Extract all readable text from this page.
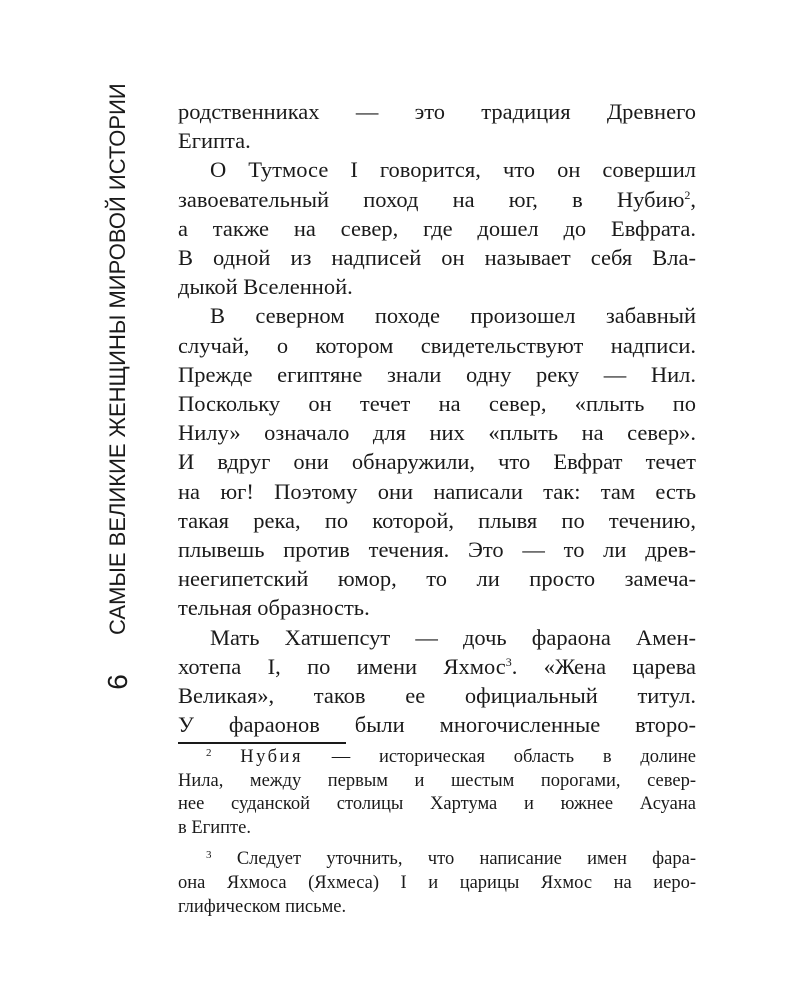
САМЫЕ ВЕЛИКИЕ ЖЕНЩИНЫ МИРОВОЙ ИСТОРИИ
6

родственниках — это традиция Древнего
Египта.

О Тутмосе I говорится, что он совершил
завоевательный поход на юг, в Нубию$^2$,
а также на север, где дошел до Евфрата.
В одной из надписей он называет себя Вла-
дыкой Вселенной.

В северном походе произошел забавный
случай, о котором свидетельствуют надписи.
Прежде египтяне знали одну реку — Нил.
Поскольку он течет на север, «плыть по
Нилу» означало для них «плыть на север».
И вдруг они обнаружили, что Евфрат течет
на юг! Поэтому они написали так: там есть
такая река, по которой, плывя по течению,
плывешь против течения. Это — то ли древ-
неегипетский юмор, то ли просто замеча-
тельная образность.

Мать Хатшепсут — дочь фараона Амен-
хотепа I, по имени Яхмос$^3$. «Жена царева
Великая», таков ее официальный титул.
У фараонов были многочисленные второ-

$^2$ Нубия — историческая область в долине
Нила, между первым и шестым порогами, север-
нее суданской столицы Хартума и южнее Асуана
в Египте.
$^3$ Следует уточнить, что написание имен фара-
она Яхмоса (Яхмеса) I и царицы Яхмос на иеро-
глифическом письме.
